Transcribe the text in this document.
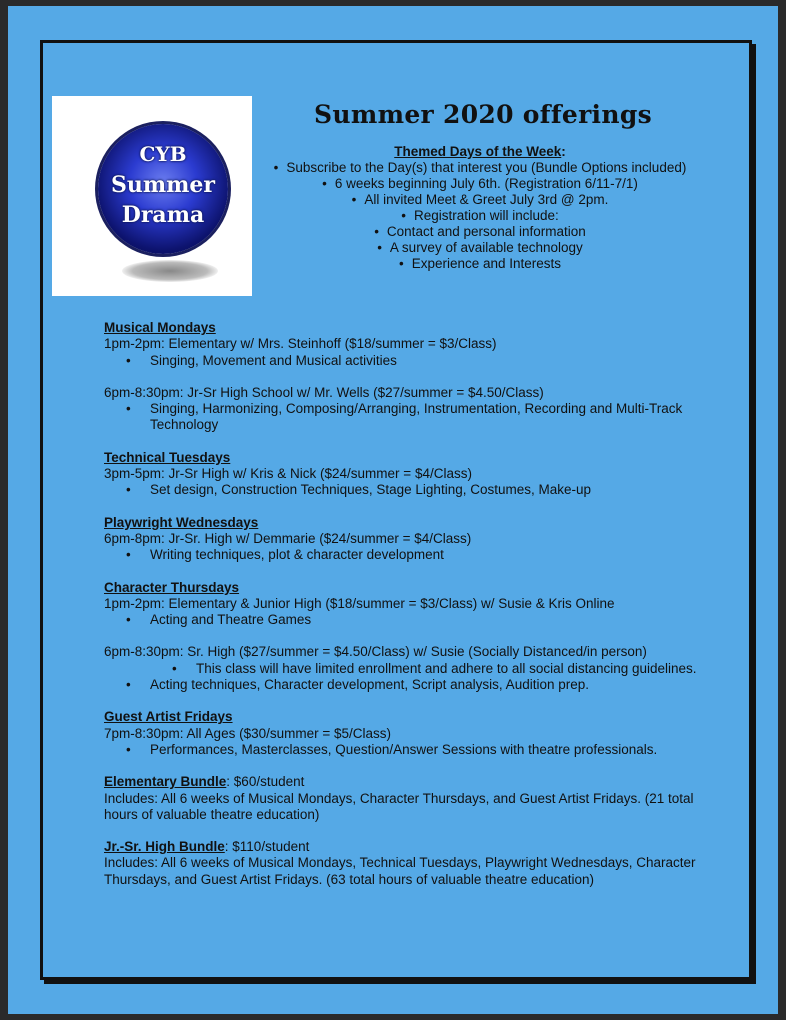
CYB
Summer
Drama
Summer 2020 offerings
Themed Days of the Week:
• Subscribe to the Day(s) that interest you (Bundle Options included)
• 6 weeks beginning July 6th. (Registration 6/11-7/1)
• All invited Meet & Greet July 3rd @ 2pm.
• Registration will include:
• Contact and personal information
• A survey of available technology
• Experience and Interests

Musical Mondays

1pm-2pm: Elementary w/ Mrs. Steinhoff ($18/summer = $3/Class)

• Singing, Movement and Musical activities

6pm-8:30pm: Jr-Sr High School w/ Mr. Wells ($27/summer = $4.50/Class)

• Singing, Harmonizing, Composing/Arranging, Instrumentation, Recording and Multi-Track Technology

Technical Tuesdays

3pm-5pm: Jr-Sr High w/ Kris & Nick ($24/summer = $4/Class)

• Set design, Construction Techniques, Stage Lighting, Costumes, Make-up

Playwright Wednesdays

6pm-8pm: Jr-Sr. High w/ Demmarie ($24/summer = $4/Class)

• Writing techniques, plot & character development

Character Thursdays

1pm-2pm: Elementary & Junior High ($18/summer = $3/Class) w/ Susie & Kris Online

• Acting and Theatre Games

6pm-8:30pm: Sr. High ($27/summer = $4.50/Class) w/ Susie (Socially Distanced/in person)

• This class will have limited enrollment and adhere to all social distancing guidelines.

• Acting techniques, Character development, Script analysis, Audition prep.

Guest Artist Fridays

7pm-8:30pm: All Ages ($30/summer = $5/Class)

• Performances, Masterclasses, Question/Answer Sessions with theatre professionals.

Elementary Bundle: $60/student

Includes: All 6 weeks of Musical Mondays, Character Thursdays, and Guest Artist Fridays. (21 total hours of valuable theatre education)

Jr.-Sr. High Bundle: $110/student

Includes: All 6 weeks of Musical Mondays, Technical Tuesdays, Playwright Wednesdays, Character Thursdays, and Guest Artist Fridays. (63 total hours of valuable theatre education)
